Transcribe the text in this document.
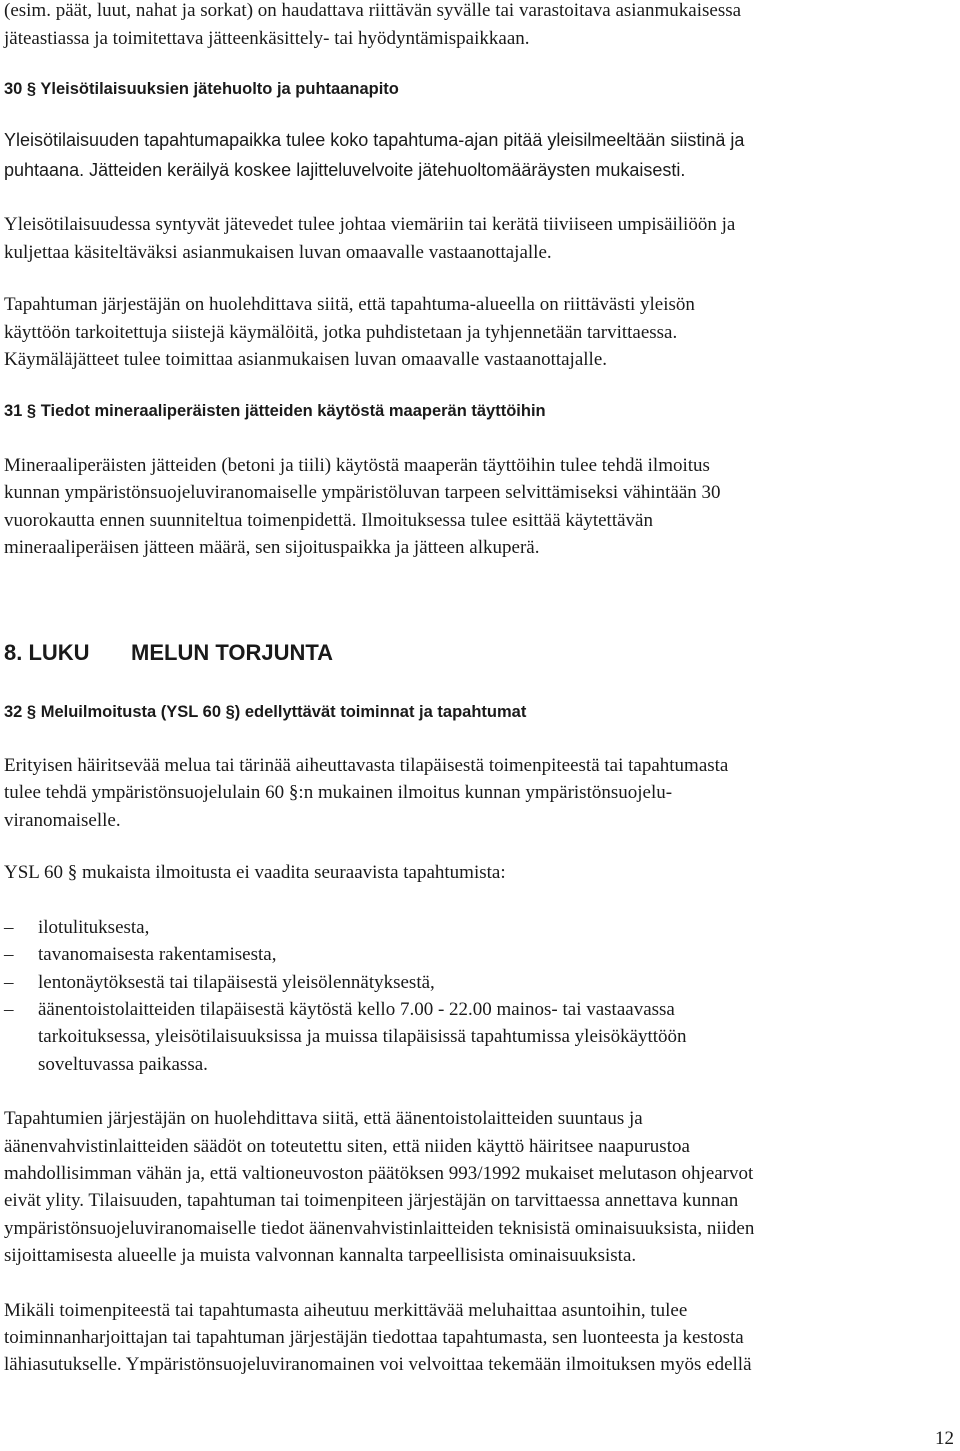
(esim. päät, luut, nahat ja sorkat) on haudattava riittävän syvälle tai varastoitava asianmukaisessa
jäteastiassa ja toimitettava jätteenkäsittely- tai hyödyntämispaikkaan.
30 § Yleisötilaisuuksien jätehuolto ja puhtaanapito
Yleisötilaisuuden tapahtumapaikka tulee koko tapahtuma-ajan pitää yleisilmeeltään siistinä ja
puhtaana. Jätteiden keräilyä koskee lajitteluvelvoite jätehuoltomääräysten mukaisesti.
Yleisötilaisuudessa syntyvät jätevedet tulee johtaa viemäriin tai kerätä tiiviiseen umpisäiliöön ja
kuljettaa käsiteltäväksi asianmukaisen luvan omaavalle vastaanottajalle.
Tapahtuman järjestäjän on huolehdittava siitä, että tapahtuma-alueella on riittävästi yleisön
käyttöön tarkoitettuja siistejä käymälöitä, jotka puhdistetaan ja tyhjennetään tarvittaessa.
Käymäläjätteet tulee toimittaa asianmukaisen luvan omaavalle vastaanottajalle.
31 § Tiedot mineraaliperäisten jätteiden käytöstä maaperän täyttöihin
Mineraaliperäisten jätteiden (betoni ja tiili) käytöstä maaperän täyttöihin tulee tehdä ilmoitus
kunnan ympäristönsuojeluviranomaiselle ympäristöluvan tarpeen selvittämiseksi vähintään 30
vuorokautta ennen suunniteltua toimenpidettä. Ilmoituksessa tulee esittää käytettävän
mineraaliperäisen jätteen määrä, sen sijoituspaikka ja jätteen alkuperä.
8. LUKU MELUN TORJUNTA
32 § Meluilmoitusta (YSL 60 §) edellyttävät toiminnat ja tapahtumat
Erityisen häiritsevää melua tai tärinää aiheuttavasta tilapäisestä toimenpiteestä tai tapahtumasta
tulee tehdä ympäristönsuojelulain 60 §:n mukainen ilmoitus kunnan ympäristönsuojelu-
viranomaiselle.
YSL 60 § mukaista ilmoitusta ei vaadita seuraavista tapahtumista:
– ilotulituksesta,
– tavanomaisesta rakentamisesta,
– lentonäytöksestä tai tilapäisestä yleisölennätyksestä,
– äänentoistolaitteiden tilapäisestä käytöstä kello 7.00 - 22.00 mainos- tai vastaavassa
tarkoituksessa, yleisötilaisuuksissa ja muissa tilapäisissä tapahtumissa yleisökäyttöön
soveltuvassa paikassa.
Tapahtumien järjestäjän on huolehdittava siitä, että äänentoistolaitteiden suuntaus ja
äänenvahvistinlaitteiden säädöt on toteutettu siten, että niiden käyttö häiritsee naapurustoa
mahdollisimman vähän ja, että valtioneuvoston päätöksen 993/1992 mukaiset melutason ohjearvot
eivät ylity. Tilaisuuden, tapahtuman tai toimenpiteen järjestäjän on tarvittaessa annettava kunnan
ympäristönsuojeluviranomaiselle tiedot äänenvahvistinlaitteiden teknisistä ominaisuuksista, niiden
sijoittamisesta alueelle ja muista valvonnan kannalta tarpeellisista ominaisuuksista.
Mikäli toimenpiteestä tai tapahtumasta aiheutuu merkittävää meluhaittaa asuntoihin, tulee
toiminnanharjoittajan tai tapahtuman järjestäjän tiedottaa tapahtumasta, sen luonteesta ja kestosta
lähiasutukselle. Ympäristönsuojeluviranomainen voi velvoittaa tekemään ilmoituksen myös edellä
12
